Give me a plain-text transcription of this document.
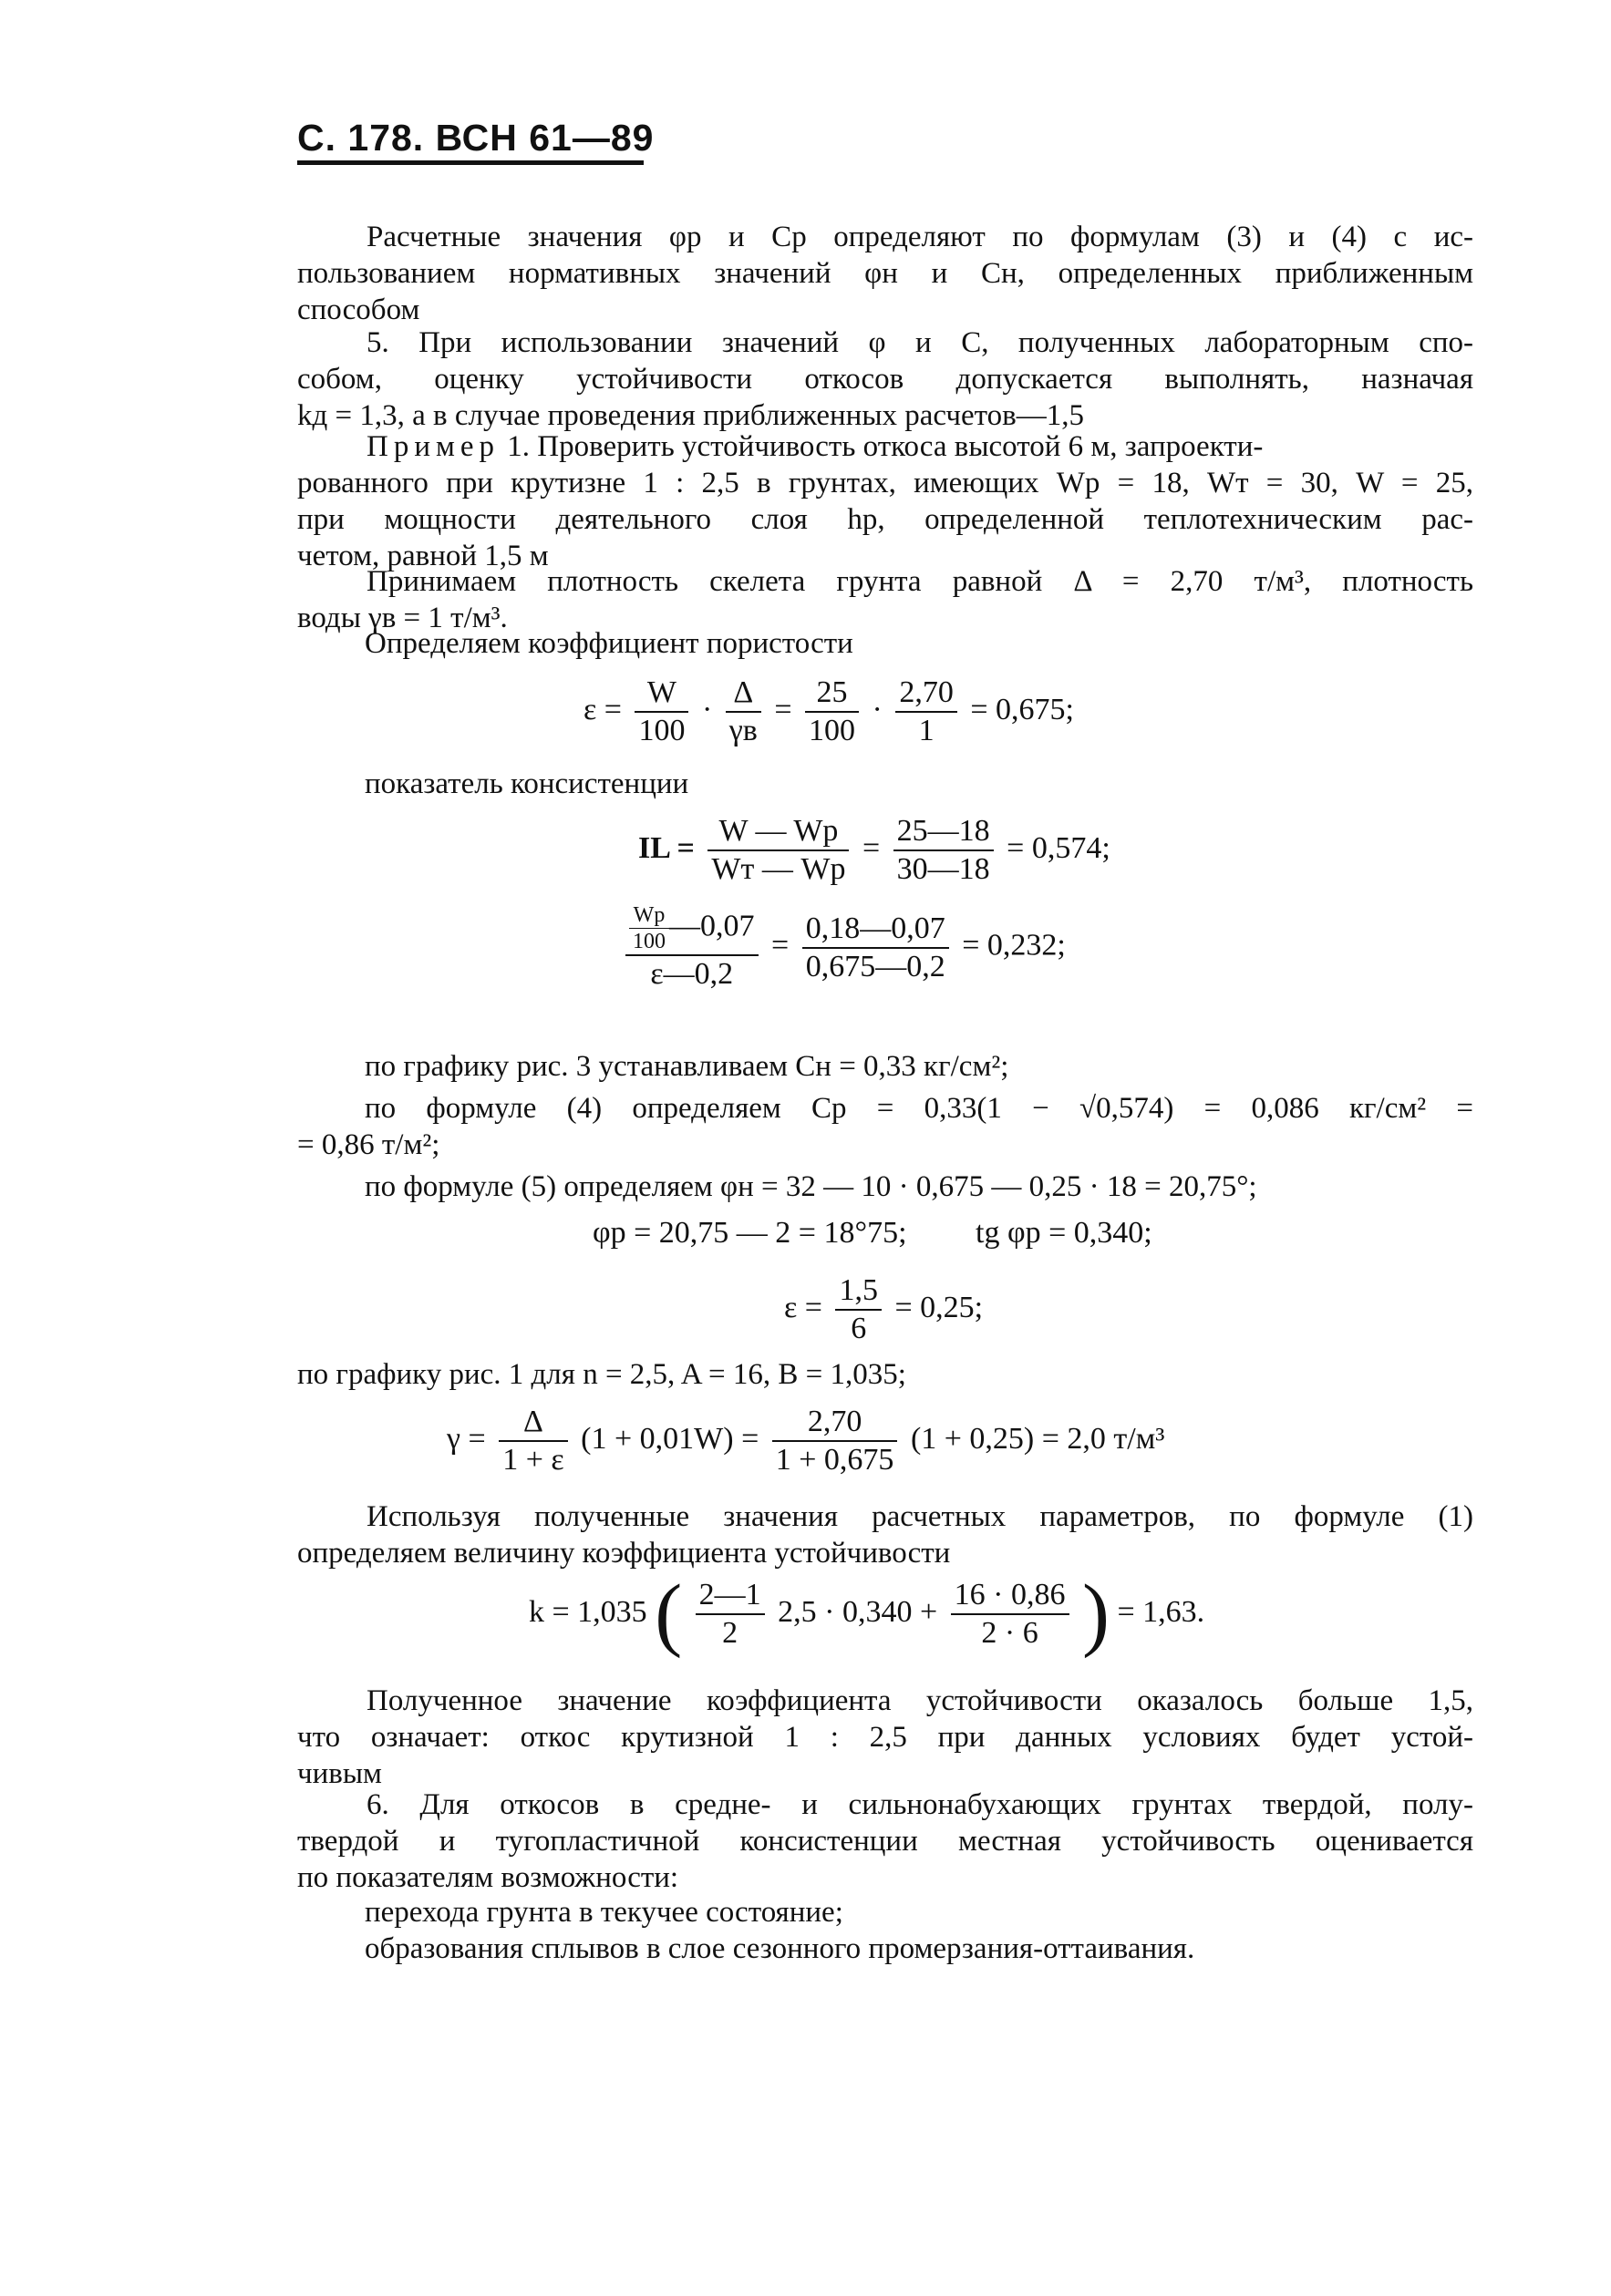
С. 178. ВСН 61—89
Расчетные значения φр и Cр определяют по формулам (3) и (4) с ис-
пользованием нормативных значений φн и Cн, определенных приближенным
способом
5. При использовании значений φ и C, полученных лабораторным спо-
собом, оценку устойчивости откосов допускается выполнять, назначая
kд = 1,3, а в случае проведения приближенных расчетов—1,5
Пример 1. Проверить устойчивость откоса высотой 6 м, запроекти-
рованного при крутизне 1 : 2,5 в грунтах, имеющих Wр = 18, Wт = 30, W = 25,
при мощности деятельного слоя hр, определенной теплотехническим рас-
четом, равной 1,5 м
Принимаем плотность скелета грунта равной Δ = 2,70 т/м³, плотность
воды γв = 1 т/м³.
Определяем коэффициент пористости
$\varepsilon = \frac{W}{100} \cdot \frac{\Delta}{\gamma в} = \frac{25}{100} \cdot \frac{2,70}{1} = 0,675$;
показатель консистенции
IL = $\frac{W — Wр}{Wт — Wр} = \frac{25—18}{30—18} = 0,574$;
$\frac{\frac{Wр}{100} —0,07}{\varepsilon—0,2} = \frac{0,18—0,07}{0,675—0,2} = 0,232$;
по графику рис. 3 устанавливаем Cн = 0,33 кг/см²;
по формуле (4) определяем Cр = 0,33(1 − √0,574) = 0,086 кг/см² =
= 0,86 т/м²;
по формуле (5) определяем φн = 32 — 10 · 0,675 — 0,25 · 18 = 20,75°;
φр = 20,75 — 2 = 18°75; tg φр = 0,340;
$\varepsilon = \frac{1,5}{6} = 0,25$;
по графику рис. 1 для n = 2,5, A = 16, B = 1,035;
$\gamma = \frac{\Delta}{1 + \varepsilon} (1 + 0,01W) = \frac{2,70}{1 + 0,675} (1 + 0,25) = 2,0$ т/м³
Используя полученные значения расчетных параметров, по формуле (1)
определяем величину коэффициента устойчивости
k = 1,035 ( $\frac{2—1}{2} 2,5 \cdot 0,340 + \frac{16 \cdot 0,86}{2 \cdot 6}$ ) = 1,63.
Полученное значение коэффициента устойчивости оказалось больше 1,5,
что означает: откос крутизной 1 : 2,5 при данных условиях будет устой-
чивым
6. Для откосов в средне- и сильнонабухающих грунтах твердой, полу-
твердой и тугопластичной консистенции местная устойчивость оценивается
по показателям возможности:
перехода грунта в текучее состояние;
образования сплывов в слое сезонного промерзания-оттаивания.
